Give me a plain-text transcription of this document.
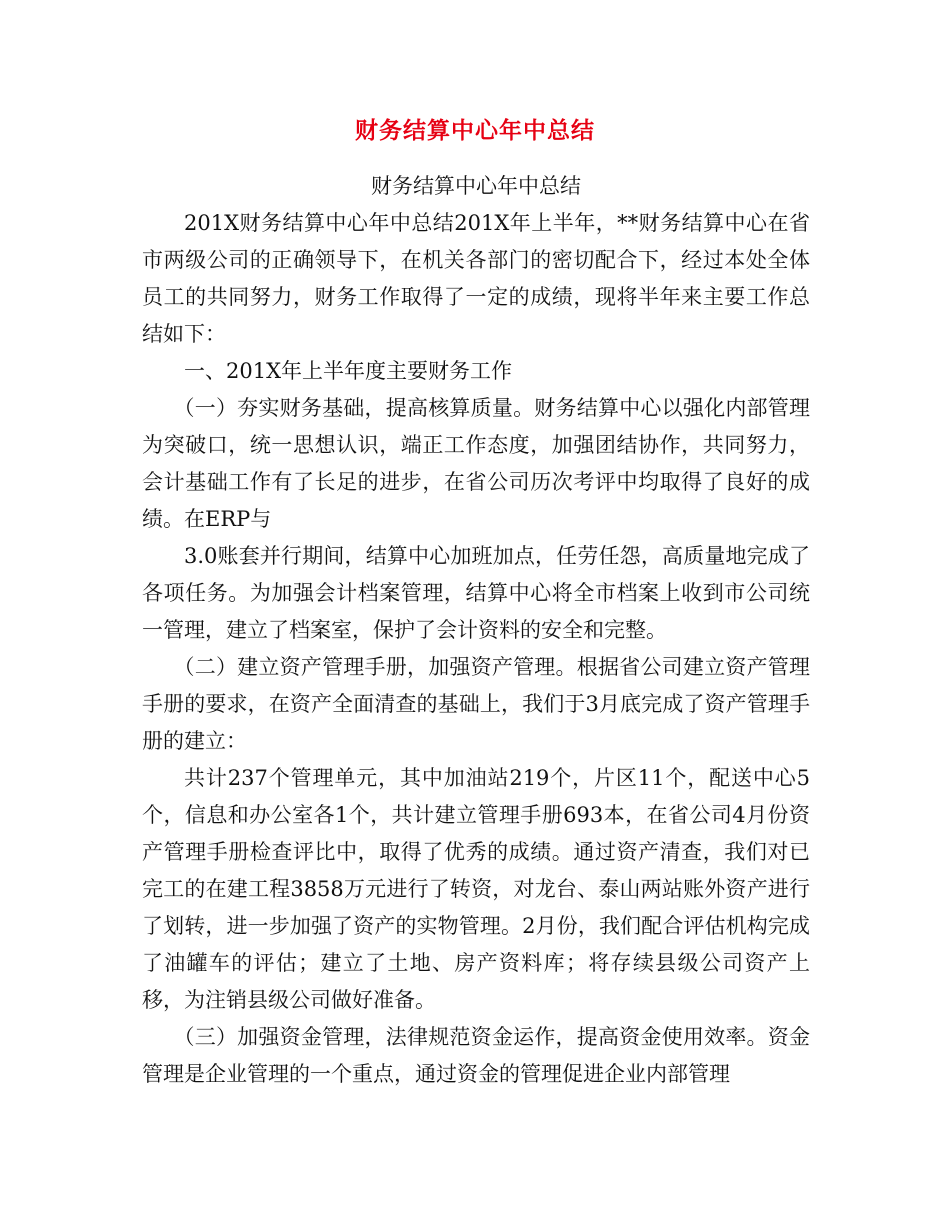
财务结算中心年中总结

财务结算中心年中总结

201X财务结算中心年中总结201X年上半年，**财务结算中心在省市两级公司的正确领导下，在机关各部门的密切配合下，经过本处全体员工的共同努力，财务工作取得了一定的成绩，现将半年来主要工作总结如下：

一、201X年上半年度主要财务工作

（一）夯实财务基础，提高核算质量。财务结算中心以强化内部管理为突破口，统一思想认识，端正工作态度，加强团结协作，共同努力，会计基础工作有了长足的进步，在省公司历次考评中均取得了良好的成绩。在ERP与

3.0账套并行期间，结算中心加班加点，任劳任怨，高质量地完成了各项任务。为加强会计档案管理，结算中心将全市档案上收到市公司统一管理，建立了档案室，保护了会计资料的安全和完整。

（二）建立资产管理手册，加强资产管理。根据省公司建立资产管理手册的要求，在资产全面清查的基础上，我们于3月底完成了资产管理手册的建立：

共计237个管理单元，其中加油站219个，片区11个，配送中心5个，信息和办公室各1个，共计建立管理手册693本，在省公司4月份资产管理手册检查评比中，取得了优秀的成绩。通过资产清查，我们对已完工的在建工程3858万元进行了转资，对龙台、泰山两站账外资产进行了划转，进一步加强了资产的实物管理。2月份，我们配合评估机构完成了油罐车的评估；建立了土地、房产资料库；将存续县级公司资产上移，为注销县级公司做好准备。

（三）加强资金管理，法律规范资金运作，提高资金使用效率。资金管理是企业管理的一个重点，通过资金的管理促进企业内部管理
